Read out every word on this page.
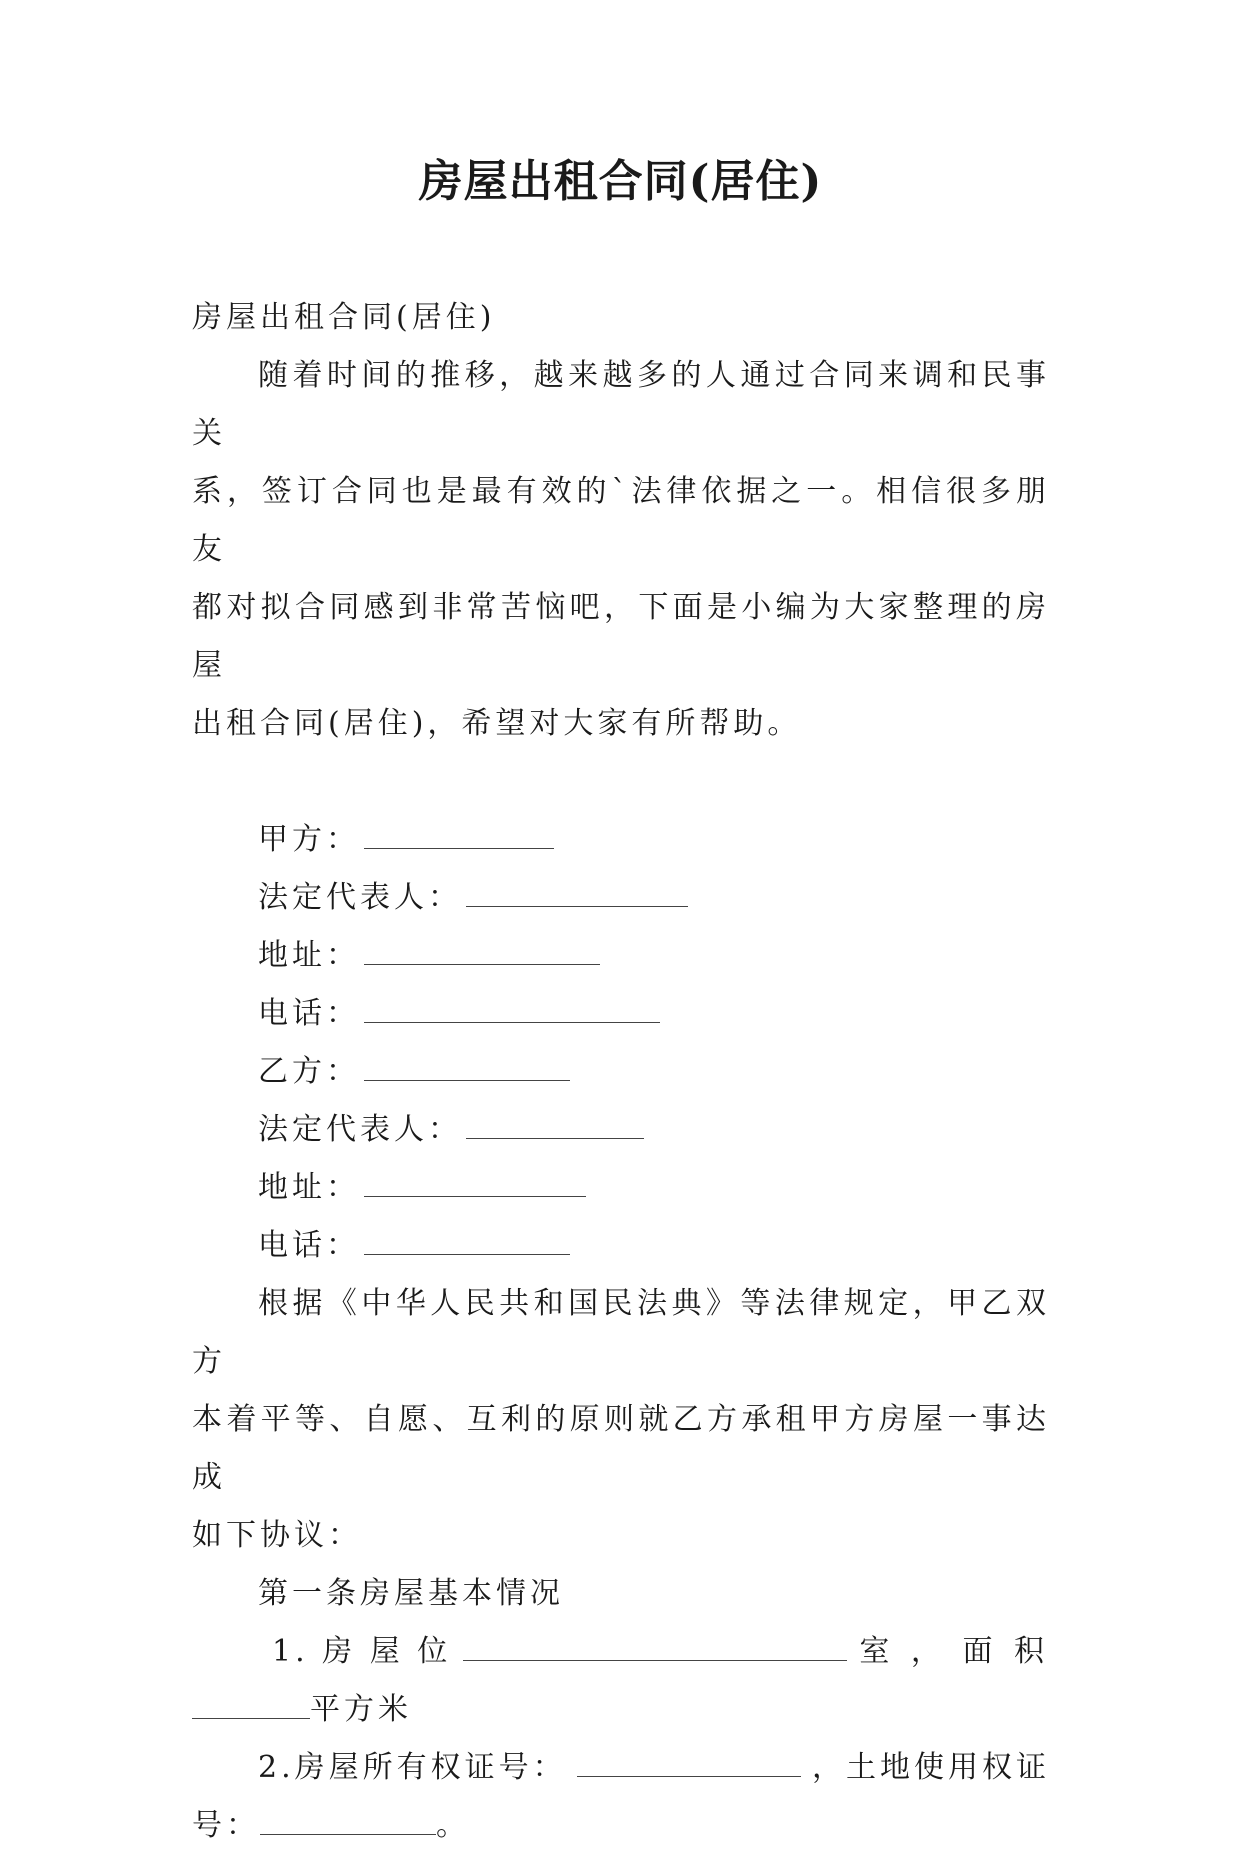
房屋出租合同(居住)

房屋出租合同(居住)

随着时间的推移，越来越多的人通过合同来调和民事关

系，签订合同也是最有效的`法律依据之一。相信很多朋友

都对拟合同感到非常苦恼吧，下面是小编为大家整理的房屋

出租合同(居住)，希望对大家有所帮助。

甲方：

法定代表人：

地址：

电话：

乙方：

法定代表人：

地址：

电话：

根据《中华人民共和国民法典》等法律规定，甲乙双方

本着平等、自愿、互利的原则就乙方承租甲方房屋一事达成

如下协议：

第一条房屋基本情况

1. 房 屋 位	室 ， 面 积

平方米

2.房屋所有权证号：	，土地使用权证

号：	。
